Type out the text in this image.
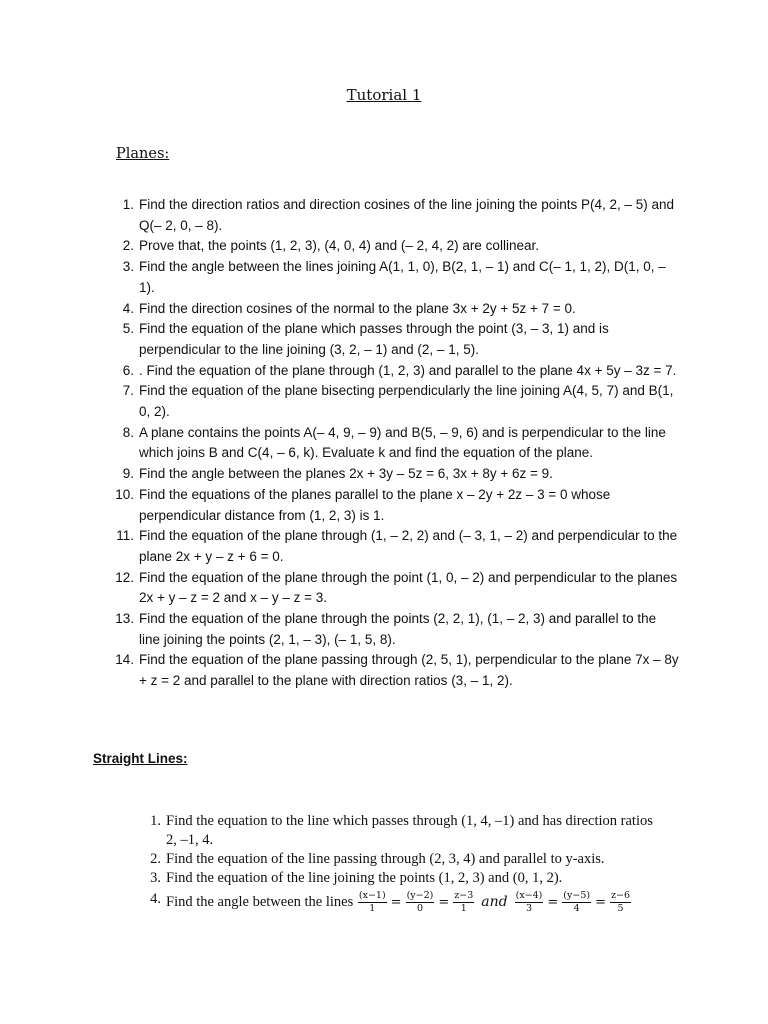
Tutorial 1
Planes:
1. Find the direction ratios and direction cosines of the line joining the points P(4, 2, – 5) and Q(– 2, 0, – 8).
2. Prove that, the points (1, 2, 3), (4, 0, 4) and (– 2, 4, 2) are collinear.
3. Find the angle between the lines joining A(1, 1, 0), B(2, 1, – 1) and C(– 1, 1, 2), D(1, 0, – 1).
4. Find the direction cosines of the normal to the plane 3x + 2y + 5z + 7 = 0.
5. Find the equation of the plane which passes through the point (3, – 3, 1) and is perpendicular to the line joining (3, 2, – 1) and (2, – 1, 5).
6. . Find the equation of the plane through (1, 2, 3) and parallel to the plane 4x + 5y – 3z = 7.
7. Find the equation of the plane bisecting perpendicularly the line joining A(4, 5, 7) and B(1, 0, 2).
8. A plane contains the points A(– 4, 9, – 9) and B(5, – 9, 6) and is perpendicular to the line which joins B and C(4, – 6, k). Evaluate k and find the equation of the plane.
9. Find the angle between the planes 2x + 3y – 5z = 6, 3x + 8y + 6z = 9.
10. Find the equations of the planes parallel to the plane x – 2y + 2z – 3 = 0 whose perpendicular distance from (1, 2, 3) is 1.
11. Find the equation of the plane through (1, – 2, 2) and (– 3, 1, – 2) and perpendicular to the plane 2x + y – z + 6 = 0.
12. Find the equation of the plane through the point (1, 0, – 2) and perpendicular to the planes 2x + y – z = 2 and x – y – z = 3.
13. Find the equation of the plane through the points (2, 2, 1), (1, – 2, 3) and parallel to the line joining the points (2, 1, – 3), (– 1, 5, 8).
14. Find the equation of the plane passing through (2, 5, 1), perpendicular to the plane 7x – 8y + z = 2 and parallel to the plane with direction ratios (3, – 1, 2).
Straight Lines:
1. Find the equation to the line which passes through (1, 4, –1) and has direction ratios 2, –1, 4.
2. Find the equation of the line passing through (2, 3, 4) and parallel to y-axis.
3. Find the equation of the line joining the points (1, 2, 3) and (0, 1, 2).
4. Find the angle between the lines $\frac{(x-1)}{1} = \frac{(y-2)}{0} = \frac{z-3}{1}$ and $\frac{(x-4)}{3} = \frac{(y-5)}{4} = \frac{z-6}{5}$
